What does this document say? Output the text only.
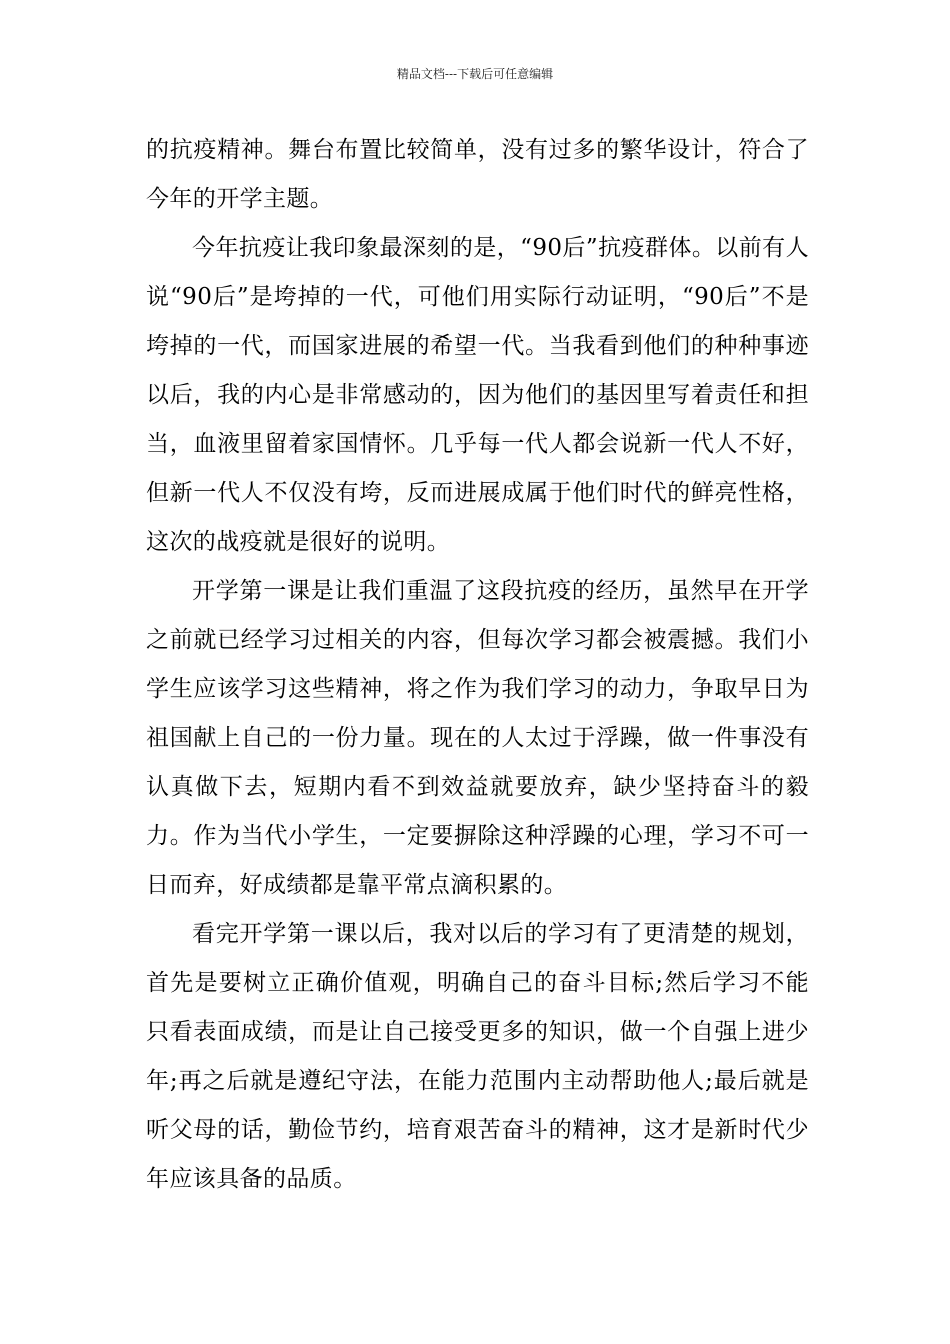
精品文档---下载后可任意编辑

的抗疫精神。舞台布置比较简单，没有过多的繁华设计，符合了今年的开学主题。

今年抗疫让我印象最深刻的是，“90后”抗疫群体。以前有人说“90后”是垮掉的一代，可他们用实际行动证明，“90后”不是垮掉的一代，而国家进展的希望一代。当我看到他们的种种事迹以后，我的内心是非常感动的，因为他们的基因里写着责任和担当，血液里留着家国情怀。几乎每一代人都会说新一代人不好，但新一代人不仅没有垮，反而进展成属于他们时代的鲜亮性格，这次的战疫就是很好的说明。

开学第一课是让我们重温了这段抗疫的经历，虽然早在开学之前就已经学习过相关的内容，但每次学习都会被震撼。我们小学生应该学习这些精神，将之作为我们学习的动力，争取早日为祖国献上自己的一份力量。现在的人太过于浮躁，做一件事没有认真做下去，短期内看不到效益就要放弃，缺少坚持奋斗的毅力。作为当代小学生，一定要摒除这种浮躁的心理，学习不可一日而弃，好成绩都是靠平常点滴积累的。

看完开学第一课以后，我对以后的学习有了更清楚的规划，首先是要树立正确价值观，明确自己的奋斗目标;然后学习不能只看表面成绩，而是让自己接受更多的知识，做一个自强上进少年;再之后就是遵纪守法，在能力范围内主动帮助他人;最后就是听父母的话，勤俭节约，培育艰苦奋斗的精神，这才是新时代少年应该具备的品质。
